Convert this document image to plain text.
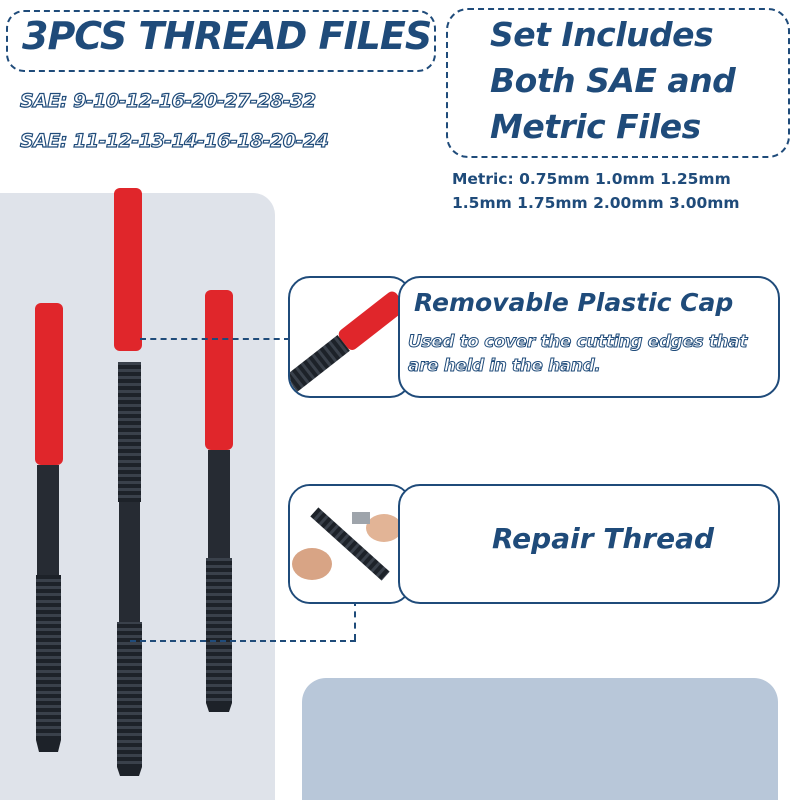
3PCS THREAD FILES
SAE: 9-10-12-16-20-27-28-32
SAE: 11-12-13-14-16-18-20-24
Set Includes
Both SAE and
Metric Files
Metric: 0.75mm 1.0mm 1.25mm
1.5mm 1.75mm 2.00mm 3.00mm
Removable Plastic Cap
Used to cover the cutting edges that
are held in the hand.
Repair Thread
